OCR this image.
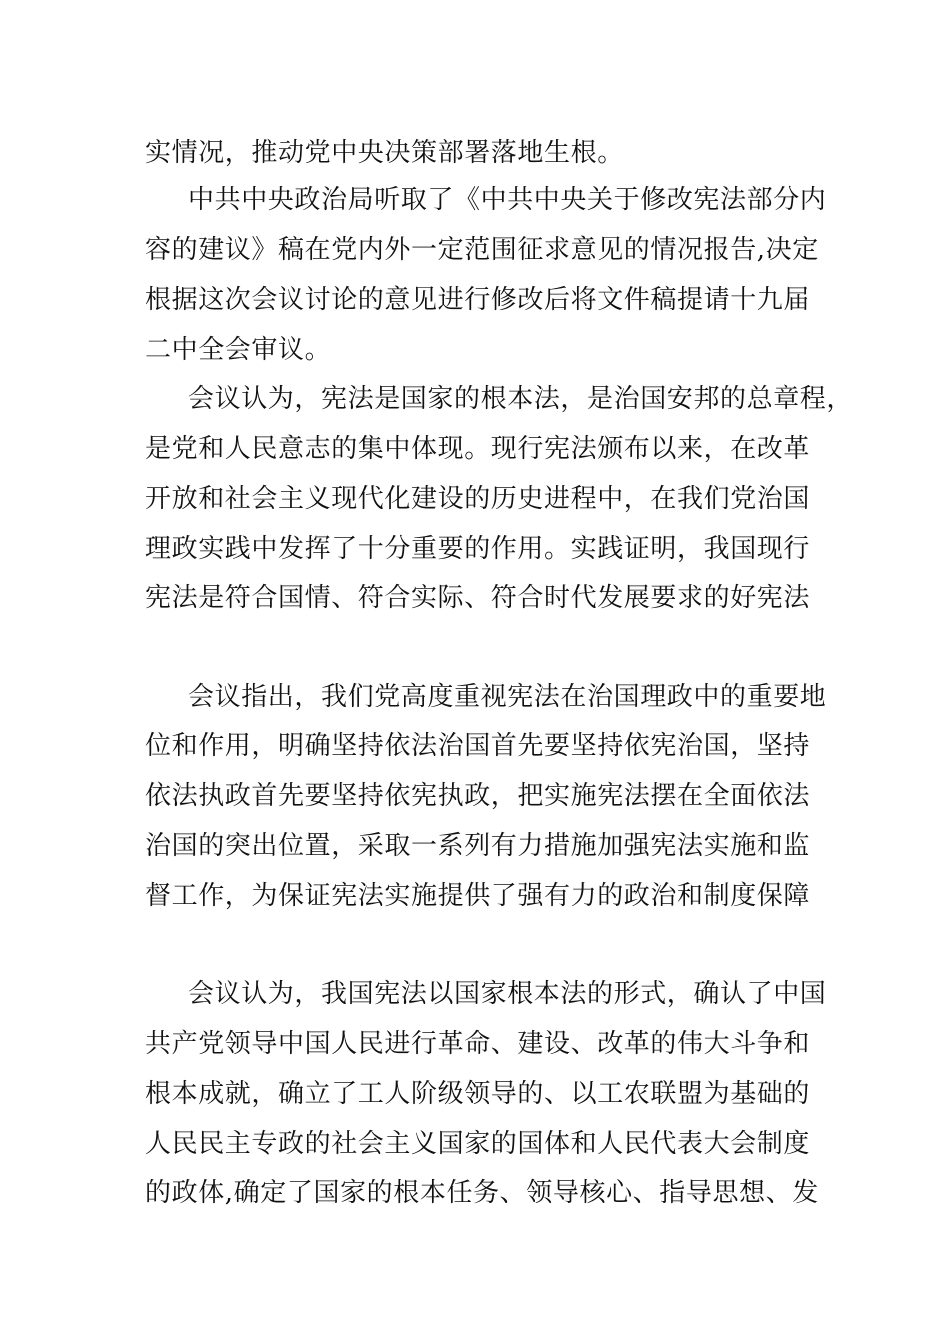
实情况，推动党中央决策部署落地生根。
中共中央政治局听取了《中共中央关于修改宪法部分内
容的建议》稿在党内外一定范围征求意见的情况报告,决定
根据这次会议讨论的意见进行修改后将文件稿提请十九届
二中全会审议。
会议认为，宪法是国家的根本法，是治国安邦的总章程，
是党和人民意志的集中体现。现行宪法颁布以来，在改革
开放和社会主义现代化建设的历史进程中，在我们党治国
理政实践中发挥了十分重要的作用。实践证明，我国现行
宪法是符合国情、符合实际、符合时代发展要求的好宪法
会议指出，我们党高度重视宪法在治国理政中的重要地
位和作用，明确坚持依法治国首先要坚持依宪治国，坚持
依法执政首先要坚持依宪执政，把实施宪法摆在全面依法
治国的突出位置，采取一系列有力措施加强宪法实施和监
督工作，为保证宪法实施提供了强有力的政治和制度保障
会议认为，我国宪法以国家根本法的形式，确认了中国
共产党领导中国人民进行革命、建设、改革的伟大斗争和
根本成就，确立了工人阶级领导的、以工农联盟为基础的
人民民主专政的社会主义国家的国体和人民代表大会制度
的政体,确定了国家的根本任务、领导核心、指导思想、发
